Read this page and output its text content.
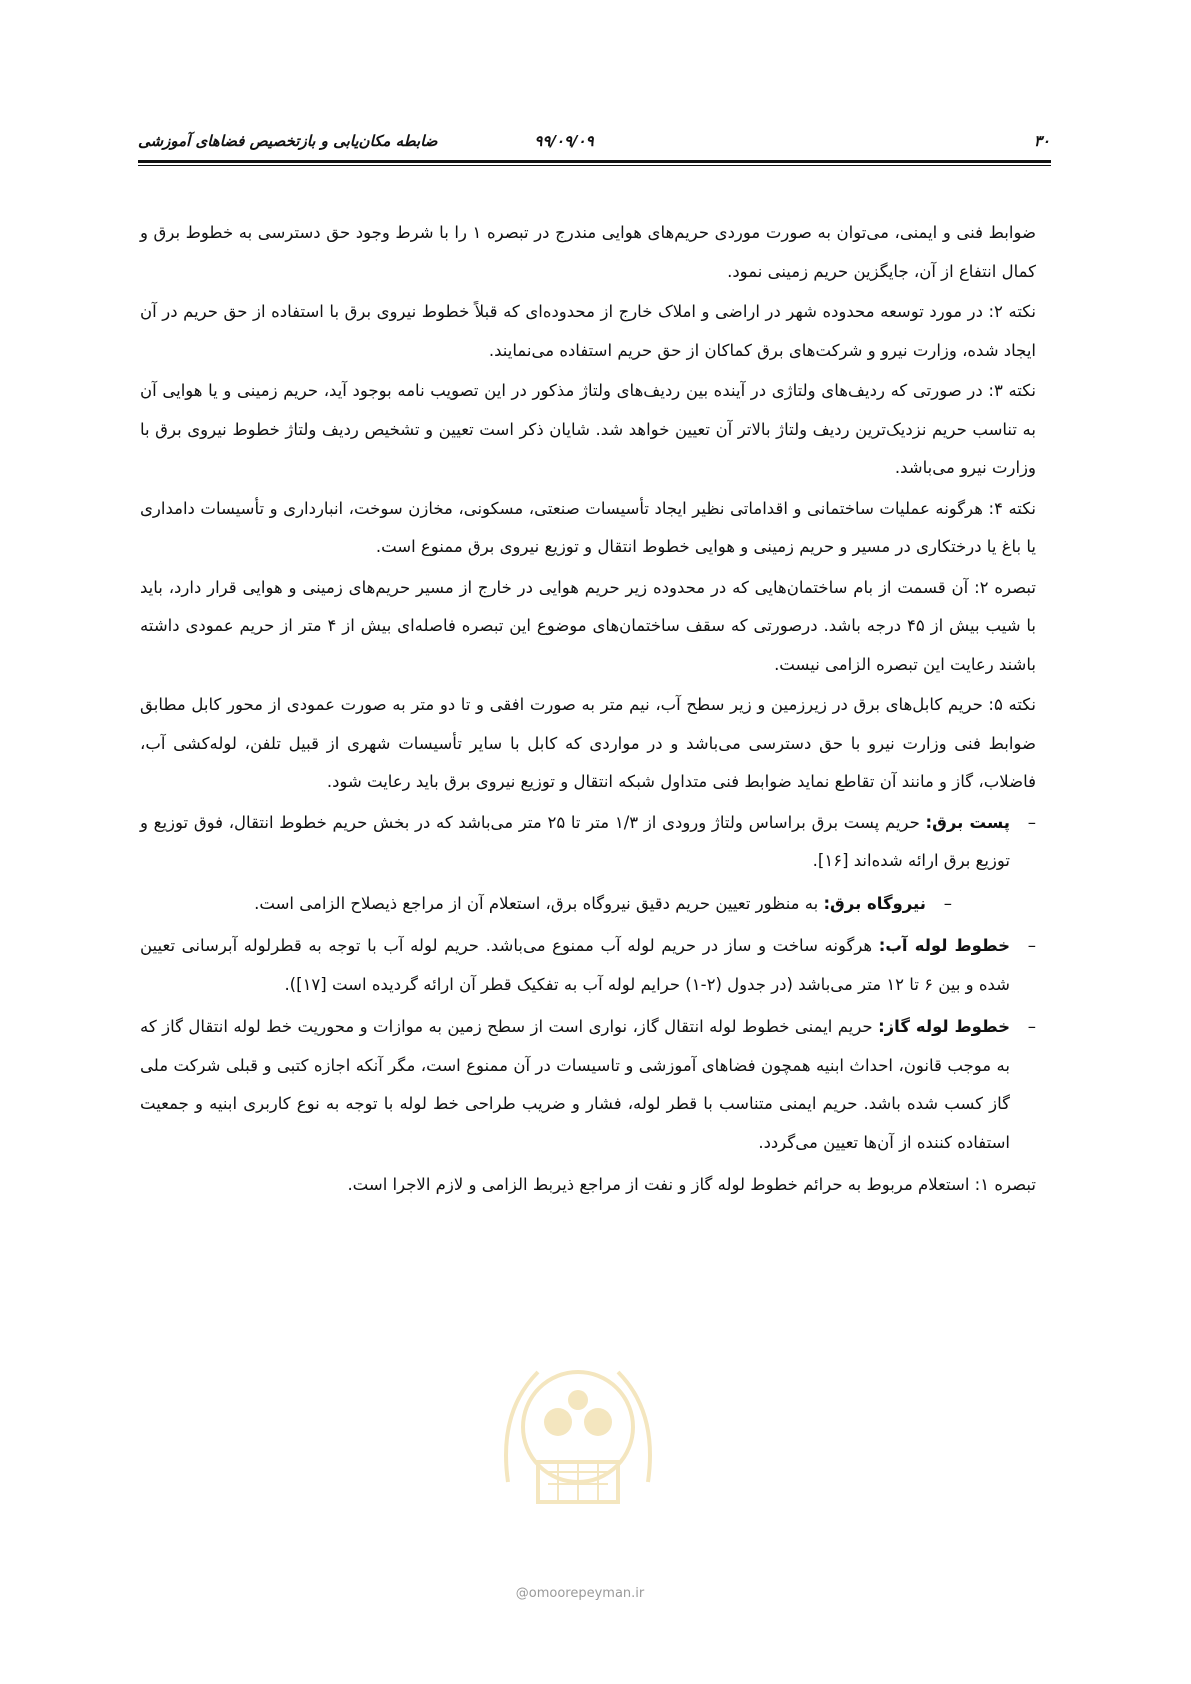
۳۰
۹۹/۰۹/۰۹
ضابطه مکان‌یابی و بازتخصیص فضاهای آموزشی

ضوابط فنی و ایمنی، می‌توان به صورت موردی حریم‌های هوایی مندرج در تبصره ۱ را با شرط وجود حق دسترسی به خطوط برق و کمال انتفاع از آن، جایگزین حریم زمینی نمود.

نکته ۲: در مورد توسعه محدوده شهر در اراضی و املاک خارج از محدوده‌ای که قبلاً خطوط نیروی برق با استفاده از حق حریم در آن ایجاد شده، وزارت نیرو و شرکت‌های برق کماکان از حق حریم استفاده می‌نمایند.

نکته ۳: در صورتی که ردیف‌های ولتاژی در آینده بین ردیف‌های ولتاژ مذکور در این تصویب نامه بوجود آید، حریم زمینی و یا هوایی آن به تناسب حریم نزدیک‌ترین ردیف ولتاژ بالاتر آن تعیین خواهد شد. شایان ذکر است تعیین و تشخیص ردیف ولتاژ خطوط نیروی برق با وزارت نیرو می‌باشد.

نکته ۴: هرگونه عملیات ساختمانی و اقداماتی نظیر ایجاد تأسیسات صنعتی، مسکونی، مخازن سوخت، انبارداری و تأسیسات دامداری یا باغ یا درختکاری در مسیر و حریم زمینی و هوایی خطوط انتقال و توزیع نیروی برق ممنوع است.

تبصره ۲: آن قسمت از بام ساختمان‌هایی که در محدوده زیر حریم هوایی در خارج از مسیر حریم‌های زمینی و هوایی قرار دارد، باید با شیب بیش از ۴۵ درجه باشد. درصورتی که سقف ساختمان‌های موضوع این تبصره فاصله‌ای بیش از ۴ متر از حریم عمودی داشته باشند رعایت این تبصره الزامی نیست.

نکته ۵: حریم کابل‌های برق در زیرزمین و زیر سطح آب، نیم متر به صورت افقی و تا دو متر به صورت عمودی از محور کابل مطابق ضوابط فنی وزارت نیرو با حق دسترسی می‌باشد و در مواردی که کابل با سایر تأسیسات شهری از قبیل تلفن، لوله‌کشی آب، فاضلاب، گاز و مانند آن تقاطع نماید ضوابط فنی متداول شبکه انتقال و توزیع نیروی برق باید رعایت شود.

– پست برق: حریم پست برق براساس ولتاژ ورودی از ۱/۳ متر تا ۲۵ متر می‌باشد که در بخش حریم خطوط انتقال، فوق توزیع و توزیع برق ارائه شده‌اند [۱۶].
– نیروگاه برق: به منظور تعیین حریم دقیق نیروگاه برق، استعلام آن از مراجع ذیصلاح الزامی است.
– خطوط لوله آب: هرگونه ساخت و ساز در حریم لوله آب ممنوع می‌باشد. حریم لوله آب با توجه به قطرلوله آبرسانی تعیین شده و بین ۶ تا ۱۲ متر می‌باشد (در جدول (۲-۱) حرایم لوله آب به تفکیک قطر آن ارائه گردیده است [۱۷]).
– خطوط لوله گاز: حریم ایمنی خطوط لوله انتقال گاز، نواری است از سطح زمین به موازات و محوریت خط لوله انتقال گاز که به موجب قانون، احداث ابنیه همچون فضاهای آموزشی و تاسیسات در آن ممنوع است، مگر آنکه اجازه کتبی و قبلی شرکت ملی گاز کسب شده باشد. حریم ایمنی متناسب با قطر لوله، فشار و ضریب طراحی خط لوله با توجه به نوع کاربری ابنیه و جمعیت استفاده کننده از آن‌ها تعیین می‌گردد.

تبصره ۱: استعلام مربوط به حرائم خطوط لوله گاز و نفت از مراجع ذیربط الزامی و لازم الاجرا است.

@omoorepeyman.ir
